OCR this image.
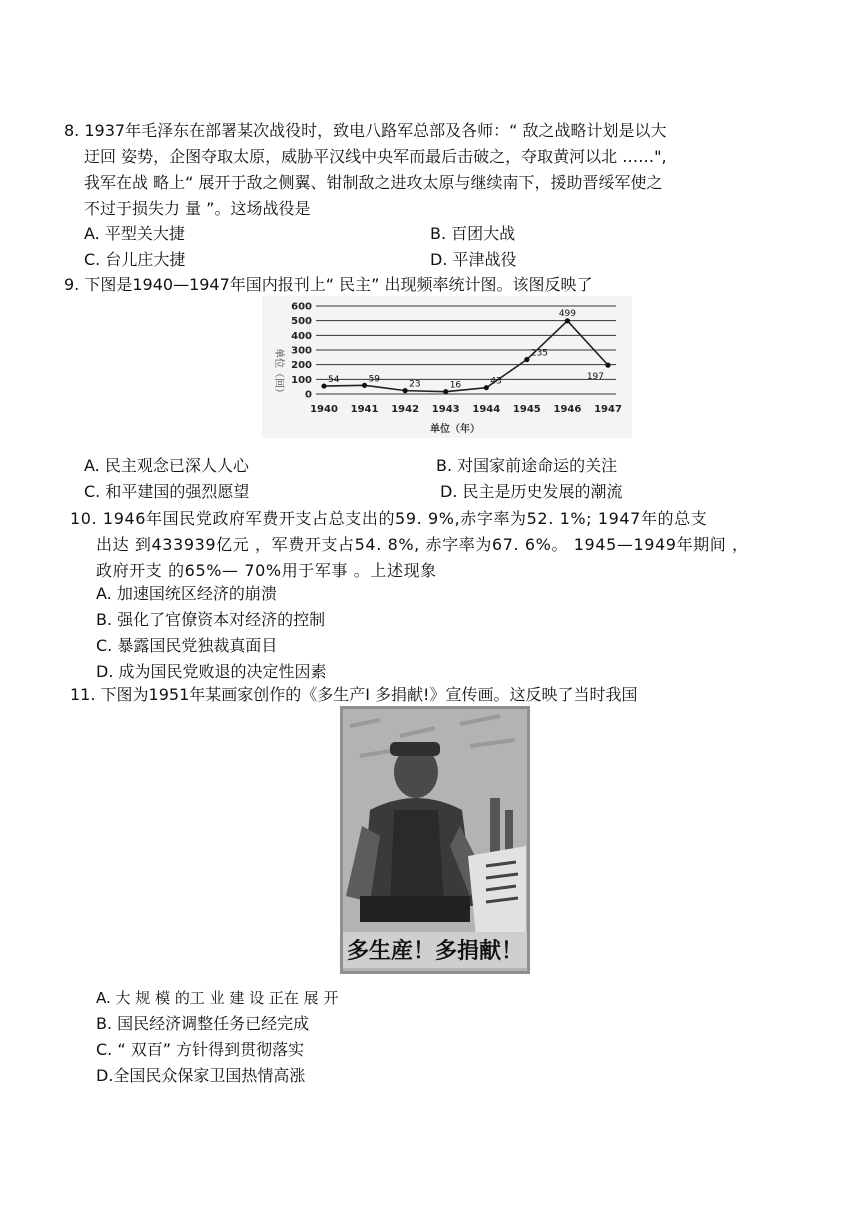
8. 1937年毛泽东在部署某次战役时，致电八路军总部及各师：“ 敌之战略计划是以大
迂回 姿势，企图夺取太原，威胁平汉线中央军而最后击破之，夺取黄河以北 ……",
我军在战 略上“ 展开于敌之侧翼、钳制敌之进攻太原与继续南下，援助晋绥军使之
不过于损失力 量 ”。这场战役是
A. 平型关大捷	B. 百团大战
C. 台儿庄大捷	D. 平津战役
9. 下图是1940—1947年国内报刊上“ 民主” 出现频率统计图。该图反映了
0
100
200
300
400
500
600
1940 1941 1942 1943 1944 1945 1946 1947
54	59
23	16	43
235
499
197
单位（回）
单位（年）
A. 民主观念已深人人心	B. 对国家前途命运的关注
C. 和平建国的强烈愿望	D. 民主是历史发展的潮流
10. 1946年国民党政府军费开支占总支出的59. 9%,赤字率为52. 1%; 1947年的总支
出达 到433939亿元 ，军费开支占54. 8%, 赤字率为67. 6%。 1945—1949年期间 ，
政府开支 的65%— 70%用于军事 。上述现象
A. 加速国统区经济的崩溃
B. 强化了官僚资本对经济的控制
C. 暴露国民党独裁真面目
D. 成为国民党败退的决定性因素
11. 下图为1951年某画家创作的《多生产I 多捐献!》宣传画。这反映了当时我国
多生産！多捐献！
A. 大 规 模 的工 业 建 设 正在 展 开
B. 国民经济调整任务已经完成
C. “ 双百” 方针得到贯彻落实
D.全国民众保家卫国热情高涨
